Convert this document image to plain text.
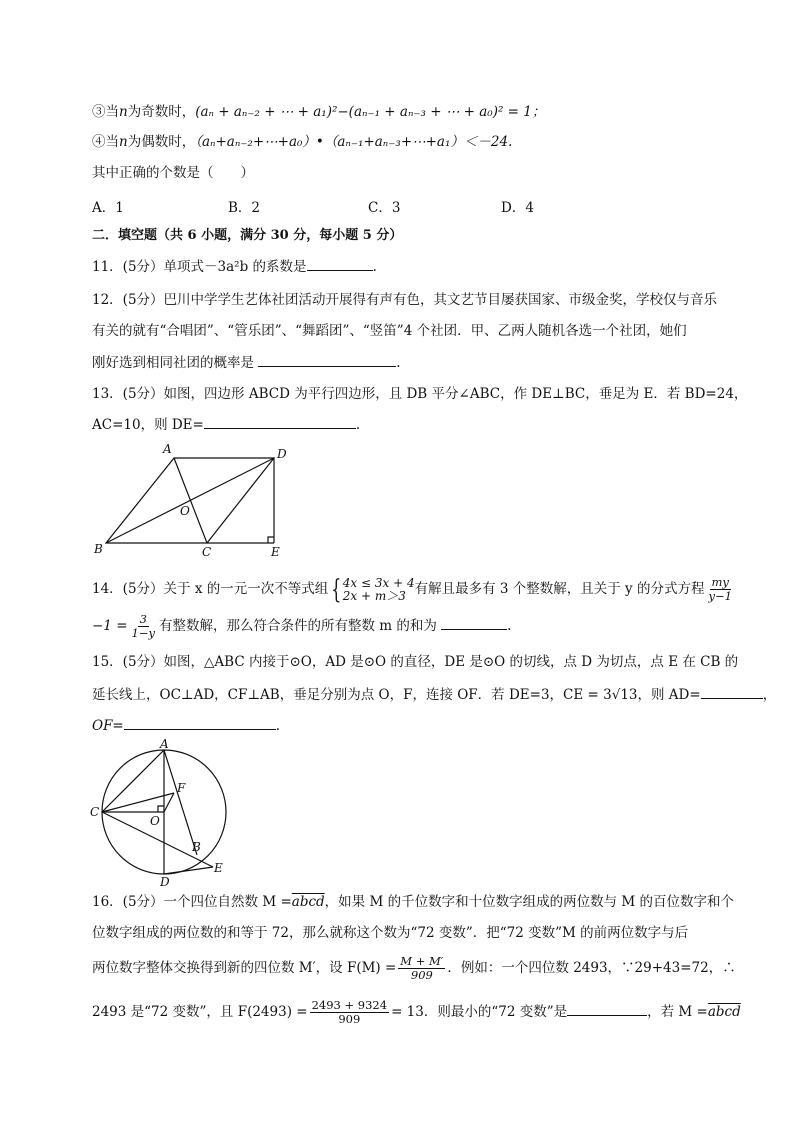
③当n为奇数时，(aₙ + aₙ₋₂ + ⋯ + a₁)²−(aₙ₋₁ + aₙ₋₃ + ⋯ + a₀)² = 1；
④当n为偶数时，（aₙ+aₙ₋₂+⋯+a₀）•（aₙ₋₁+aₙ₋₃+⋯+a₁）＜－24.
其中正确的个数是（　　）
A．1	B．2	C．3	D．4
二．填空题（共 6 小题，满分 30 分，每小题 5 分）
11．(5分）单项式－3a²b 的系数是	.
12．(5分）巴川中学学生艺体社团活动开展得有声有色，其文艺节目屡获国家、市级金奖，学校仅与音乐
有关的就有“合唱团”、“管乐团”、“舞蹈团”、“竖笛”4 个社团．甲、乙两人随机各选一个社团，她们
刚好选到相同社团的概率是	.
13．(5分）如图，四边形 ABCD 为平行四边形，且 DB 平分∠ABC，作 DE⊥BC，垂足为 E．若 BD=24，
AC=10，则 DE=	.
A
B	C
D
E
O
14．(5分）关于 x 的一元一次不等式组 { 4x ≤ 3x + 4
2x + m＞3 有解且最多有 3 个整数解，且关于 y 的分式方程 $\frac{my}{y-1}$
$-1 = \frac{3}{1-y}$ 有整数解，那么符合条件的所有整数 m 的和为	.
15．(5分）如图，△ABC 内接于⊙O，AD 是⊙O 的直径，DE 是⊙O 的切线，点 D 为切点，点 E 在 CB 的
延长线上，OC⊥AD，CF⊥AB，垂足分别为点 O，F，连接 OF．若 DE=3，CE = 3√13，则 AD=	，
OF=	.
A
C
F
O
B
E
D
16．(5分）一个四位自然数 M =abcd，如果 M 的千位数字和十位数字组成的两位数与 M 的百位数字和个
位数字组成的两位数的和等于 72，那么就称这个数为“72 变数”．把“72 变数”M 的前两位数字与后
两位数字整体交换得到新的四位数 M′，设 $F(M) = \frac{M + M'}{909}$ ．例如：一个四位数 2493，∵29+43=72，∴
2493 是“72 变数”，且 $F(2493) = \frac{2493 + 9324}{909} = 13$．则最小的“72 变数”是	，若 M =abcd
